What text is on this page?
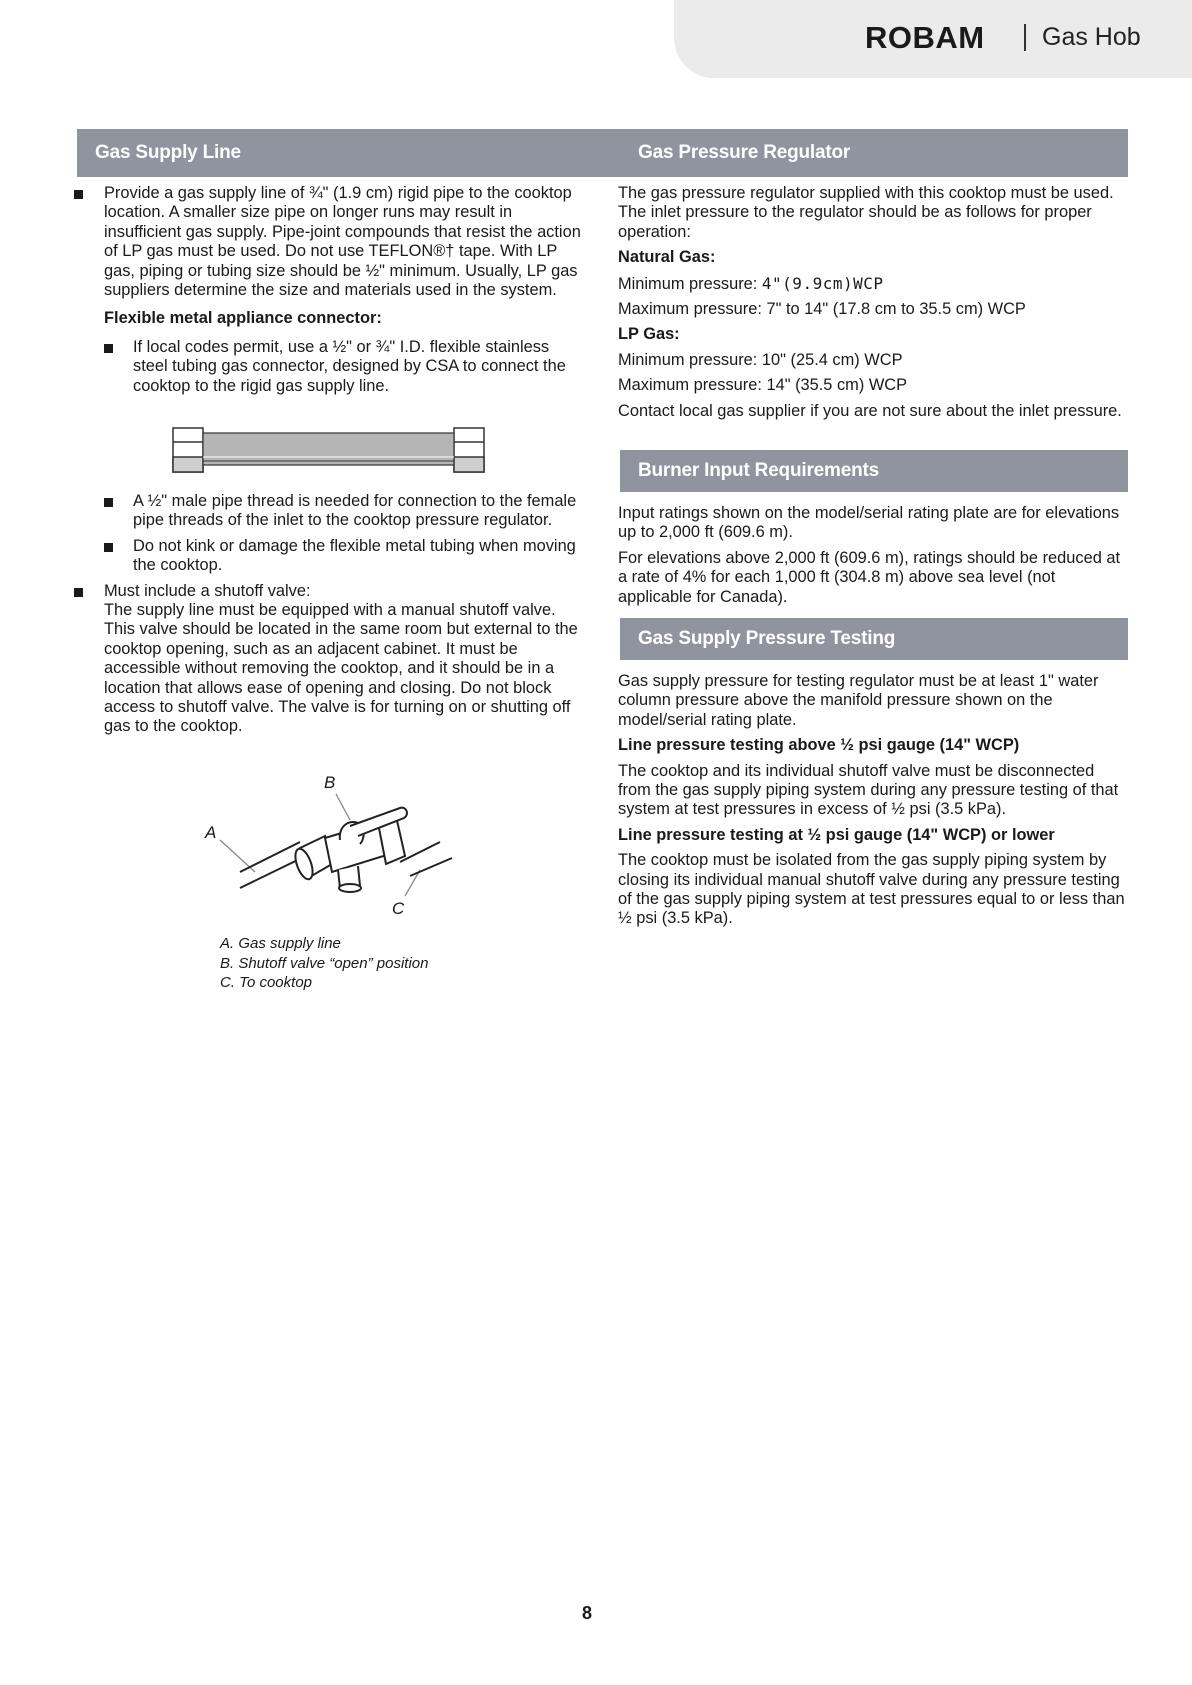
ROBAM Gas Hob
Gas Supply Line	Gas Pressure Regulator
Burner Input Requirements
Gas Supply Pressure Testing

Provide a gas supply line of ¾" (1.9 cm) rigid pipe to the cooktop location. A smaller size pipe on longer runs may result in insufficient gas supply. Pipe-joint compounds that resist the action of LP gas must be used. Do not use TEFLON®† tape. With LP gas, piping or tubing size should be ½" minimum. Usually, LP gas suppliers determine the size and materials used in the system.

Flexible metal appliance connector:

If local codes permit, use a ½" or ¾" I.D. flexible stainless steel tubing gas connector, designed by CSA to connect the cooktop to the rigid gas supply line.

A ½" male pipe thread is needed for connection to the female pipe threads of the inlet to the cooktop pressure regulator.

Do not kink or damage the flexible metal tubing when moving the cooktop.

Must include a shutoff valve:

The supply line must be equipped with a manual shutoff valve. This valve should be located in the same room but external to the cooktop opening, such as an adjacent cabinet. It must be accessible without removing the cooktop, and it should be in a location that allows ease of opening and closing. Do not block access to shutoff valve. The valve is for turning on or shutting off gas to the cooktop.

B
A
C
A. Gas supply line
B. Shutoff valve “open” position
C. To cooktop

The gas pressure regulator supplied with this cooktop must be used. The inlet pressure to the regulator should be as follows for proper operation:

Natural Gas:

Minimum pressure: 4"(9.9cm)WCP

Maximum pressure: 7" to 14" (17.8 cm to 35.5 cm) WCP

LP Gas:

Minimum pressure: 10" (25.4 cm) WCP

Maximum pressure: 14" (35.5 cm) WCP

Contact local gas supplier if you are not sure about the inlet pressure.

Input ratings shown on the model/serial rating plate are for elevations up to 2,000 ft (609.6 m).

For elevations above 2,000 ft (609.6 m), ratings should be reduced at a rate of 4% for each 1,000 ft (304.8 m) above sea level (not applicable for Canada).

Gas supply pressure for testing regulator must be at least 1" water column pressure above the manifold pressure shown on the model/serial rating plate.

Line pressure testing above ½ psi gauge (14" WCP)

The cooktop and its individual shutoff valve must be disconnected from the gas supply piping system during any pressure testing of that system at test pressures in excess of ½ psi (3.5 kPa).

Line pressure testing at ½ psi gauge (14" WCP) or lower

The cooktop must be isolated from the gas supply piping system by closing its individual manual shutoff valve during any pressure testing of the gas supply piping system at test pressures equal to or less than ½ psi (3.5 kPa).

8
